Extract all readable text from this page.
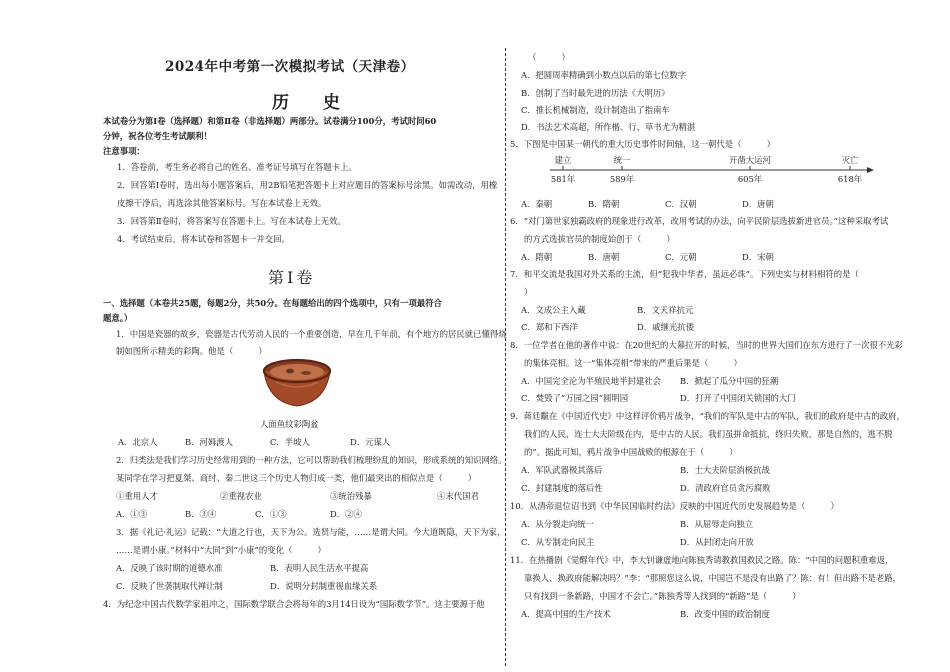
2024年中考第一次模拟考试（天津卷）
历 史
本试卷分为第Ⅰ卷（选择题）和第Ⅱ卷（非选择题）两部分。试卷满分100分，考试时间60
分钟，祝各位考生考试顺利！
注意事项：
1．答卷前，考生务必将自己的姓名、准考证号填写在答题卡上。
2．回答第Ⅰ卷时，选出每小题答案后，用2B铅笔把答题卡上对应题目的答案标号涂黑。如需改动，用橡
皮擦干净后，再选涂其他答案标号。写在本试卷上无效。
3．回答第Ⅱ卷时，将答案写在答题卡上。写在本试卷上无效。
4．考试结束后，将本试卷和答题卡一并交回。
第Ⅰ卷
一、选择题（本卷共25题，每题2分，共50分。在每题给出的四个选项中，只有一项最符合
题意。）
1．中国是瓷器的故乡，瓷器是古代劳动人民的一个重要创造，早在几千年前，有个地方的居民就已懂得烧
制如图所示精美的彩陶。他是（　　　）
人面鱼纹彩陶盆
A．北京人	B．河姆渡人	C．半坡人	D．元谋人
2．归类法是我们学习历史经常用到的一种方法，它可以帮助我们梳理纷乱的知识，形成系统的知识网络。
某同学在学习把夏桀、商纣、秦二世这三个历史人物归成一类，他们最突出的相似点是（　　　）
①重用人才	②重视农业	③统治残暴	④末代国君
A．①③	B．③④	C．①③	D．②④
3．据《礼记·礼运》记载：“大道之行也，天下为公。选贤与能，……是谓大同。今大道既隐，天下为家，
……是谓小康。”材料中“大同”到“小康”的变化（　　　）
A．反映了该时期的道德水准	B．表明人民生活水平提高
C．反映了世袭制取代禅让制	D．说明分封制重视血缘关系
4．为纪念中国古代数学家祖冲之，国际数学联合会将每年的3月14日设为“国际数学节”。这主要源于他
（　　　）
A．把圆周率精确到小数点以后的第七位数字
B．创制了当时最先进的历法《大明历》
C．推长机械制造，设计制造出了指南车
D．书法艺术高超，所作楷、行、草书尤为精湛
5．下图是中国某一朝代的重大历史事件时间轴，这一朝代是（　　　）
建立	统一	开凿大运河	灭亡
581年	589年	605年	618年
A．秦朝	B．隋朝	C．汉朝	D．唐朝
6．“对门第世家独霸政府的现象进行改革，改用考试的办法，向平民阶层选拔新进官员。”这种采取考试
的方式选拔官员的制度始创于（　　　）
A．隋朝	B．唐朝	C．元朝	D．宋朝
7．和平交流是我国对外关系的主流，但“犯我中华者，虽远必诛”。下列史实与材料相符的是（
）
A．文成公主入藏	B．文天祥抗元
C．郑和下西洋	D．戚继光抗倭
8．一位学者在他的著作中说：在20世纪的大幕拉开的时候，当时的世界大国们在东方进行了一次很不光彩
的集体亮相。这一“集体亮相”带来的严重后果是（　　　）
A．中国完全沦为半殖民地半封建社会 B．掀起了瓜分中国的狂潮
C．焚毁了“万园之园”圆明园	D．打开了中国闭关锁国的大门
9．蒋廷黻在《中国近代史》中这样评价鸦片战争，“我们的军队是中古的军队，我们的政府是中古的政府，
我们的人民，连士大夫阶级在内，是中古的人民。我们虽拼命抵抗，终归失败，那是自然的，逃不脱
的”。据此可知，鸦片战争中国战败的根源在于（　　　）
A．军队武器极其落后	B．士大夫阶层消极抗战
C．封建制度的落后性	D．清政府官员贪污腐败
10．从清帝退位诏书到《中华民国临时约法》反映的中国近代历史发展趋势是（　　　）
A．从分裂走向统一	B．从屈辱走向独立
C．从专制走向民主	D．从封闭走向开放
11．在热播剧《觉醒年代》中，李大钊谦虚地向陈独秀请教救国救民之路。陈：“中国的问题积重难返，
靠换人、换政府能解决吗？”李：“那照您这么说，中国岂不是没有出路了？陈：有！但出路不是老路，
只有找到一条新路，中国才不会亡。”陈独秀等人找到的“新路”是（　　　）
A．提高中国的生产技术	B．改变中国的政治制度
